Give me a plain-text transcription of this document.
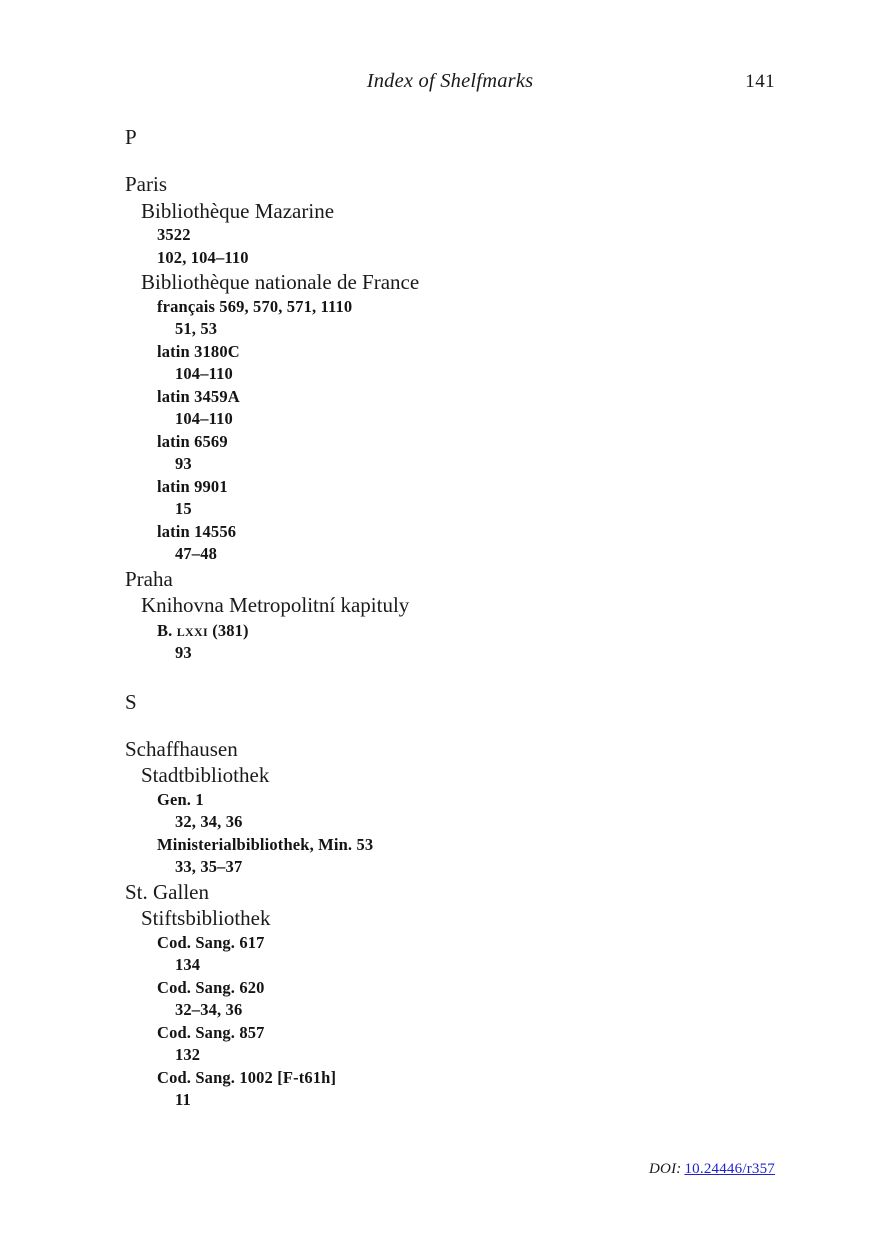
Index of Shelfmarks	141
P
Paris
Bibliothèque Mazarine
3522
102, 104–110
Bibliothèque nationale de France
français 569, 570, 571, 1110
51, 53
latin 3180C
104–110
latin 3459A
104–110
latin 6569
93
latin 9901
15
latin 14556
47–48
Praha
Knihovna Metropolitní kapituly
B. lxxi (381)
93
S
Schaffhausen
Stadtbibliothek
Gen. 1
32, 34, 36
Ministerialbibliothek, Min. 53
33, 35–37
St. Gallen
Stiftsbibliothek
Cod. Sang. 617
134
Cod. Sang. 620
32–34, 36
Cod. Sang. 857
132
Cod. Sang. 1002 [F-t61h]
11
DOI: 10.24446/r357
